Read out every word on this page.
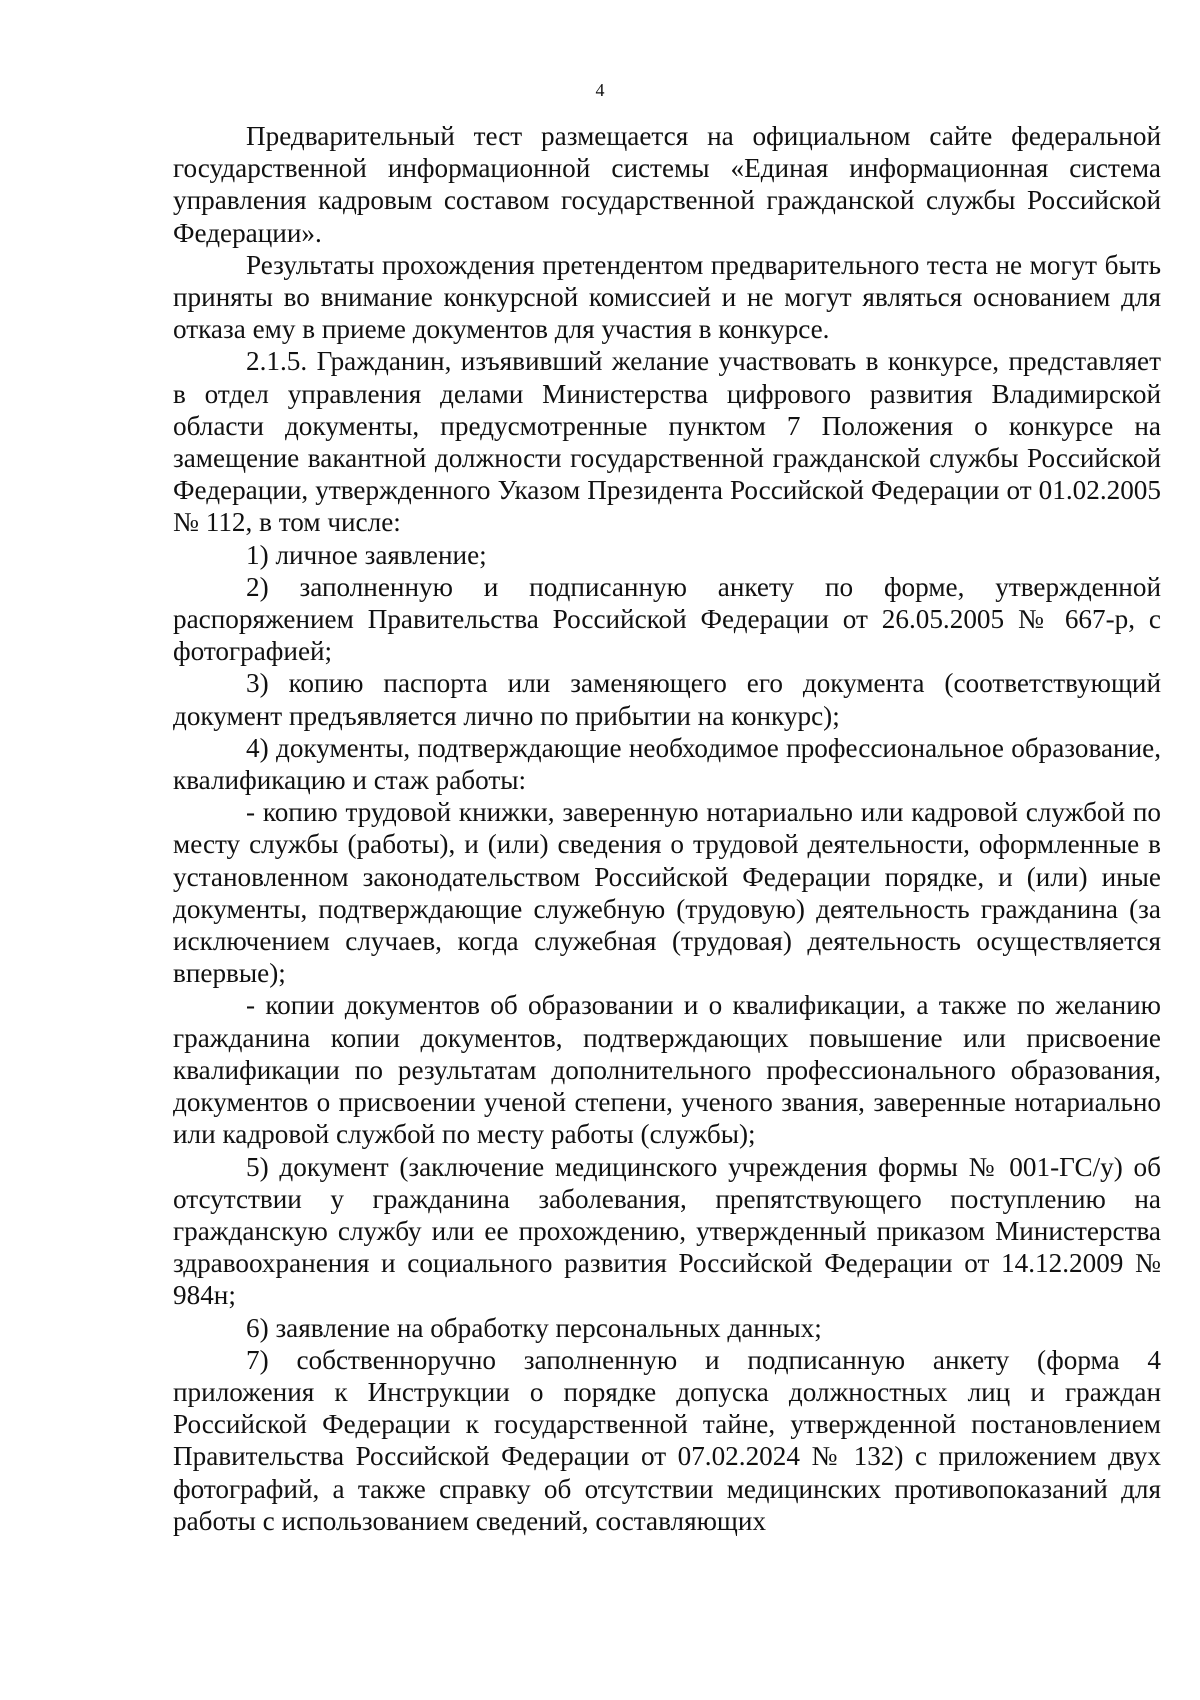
4

Предварительный тест размещается на официальном сайте федеральной государственной информационной системы «Единая информационная система управления кадровым составом государственной гражданской службы Российской Федерации».

Результаты прохождения претендентом предварительного теста не могут быть приняты во внимание конкурсной комиссией и не могут являться основанием для отказа ему в приеме документов для участия в конкурсе.

2.1.5. Гражданин, изъявивший желание участвовать в конкурсе, представляет в отдел управления делами Министерства цифрового развития Владимирской области документы, предусмотренные пунктом 7 Положения о конкурсе на замещение вакантной должности государственной гражданской службы Российской Федерации, утвержденного Указом Президента Российской Федерации от 01.02.2005 № 112, в том числе:

1) личное заявление;

2) заполненную и подписанную анкету по форме, утвержденной распоряжением Правительства Российской Федерации от 26.05.2005 № 667-р, с фотографией;

3) копию паспорта или заменяющего его документа (соответствующий документ предъявляется лично по прибытии на конкурс);

4) документы, подтверждающие необходимое профессиональное образование, квалификацию и стаж работы:

- копию трудовой книжки, заверенную нотариально или кадровой службой по месту службы (работы), и (или) сведения о трудовой деятельности, оформленные в установленном законодательством Российской Федерации порядке, и (или) иные документы, подтверждающие служебную (трудовую) деятельность гражданина (за исключением случаев, когда служебная (трудовая) деятельность осуществляется впервые);

- копии документов об образовании и о квалификации, а также по желанию гражданина копии документов, подтверждающих повышение или присвоение квалификации по результатам дополнительного профессионального образования, документов о присвоении ученой степени, ученого звания, заверенные нотариально или кадровой службой по месту работы (службы);

5) документ (заключение медицинского учреждения формы № 001-ГС/у) об отсутствии у гражданина заболевания, препятствующего поступлению на гражданскую службу или ее прохождению, утвержденный приказом Министерства здравоохранения и социального развития Российской Федерации от 14.12.2009 № 984н;

6) заявление на обработку персональных данных;

7) собственноручно заполненную и подписанную анкету (форма 4 приложения к Инструкции о порядке допуска должностных лиц и граждан Российской Федерации к государственной тайне, утвержденной постановлением Правительства Российской Федерации от 07.02.2024 № 132) с приложением двух фотографий, а также справку об отсутствии медицинских противопоказаний для работы с использованием сведений, составляющих
